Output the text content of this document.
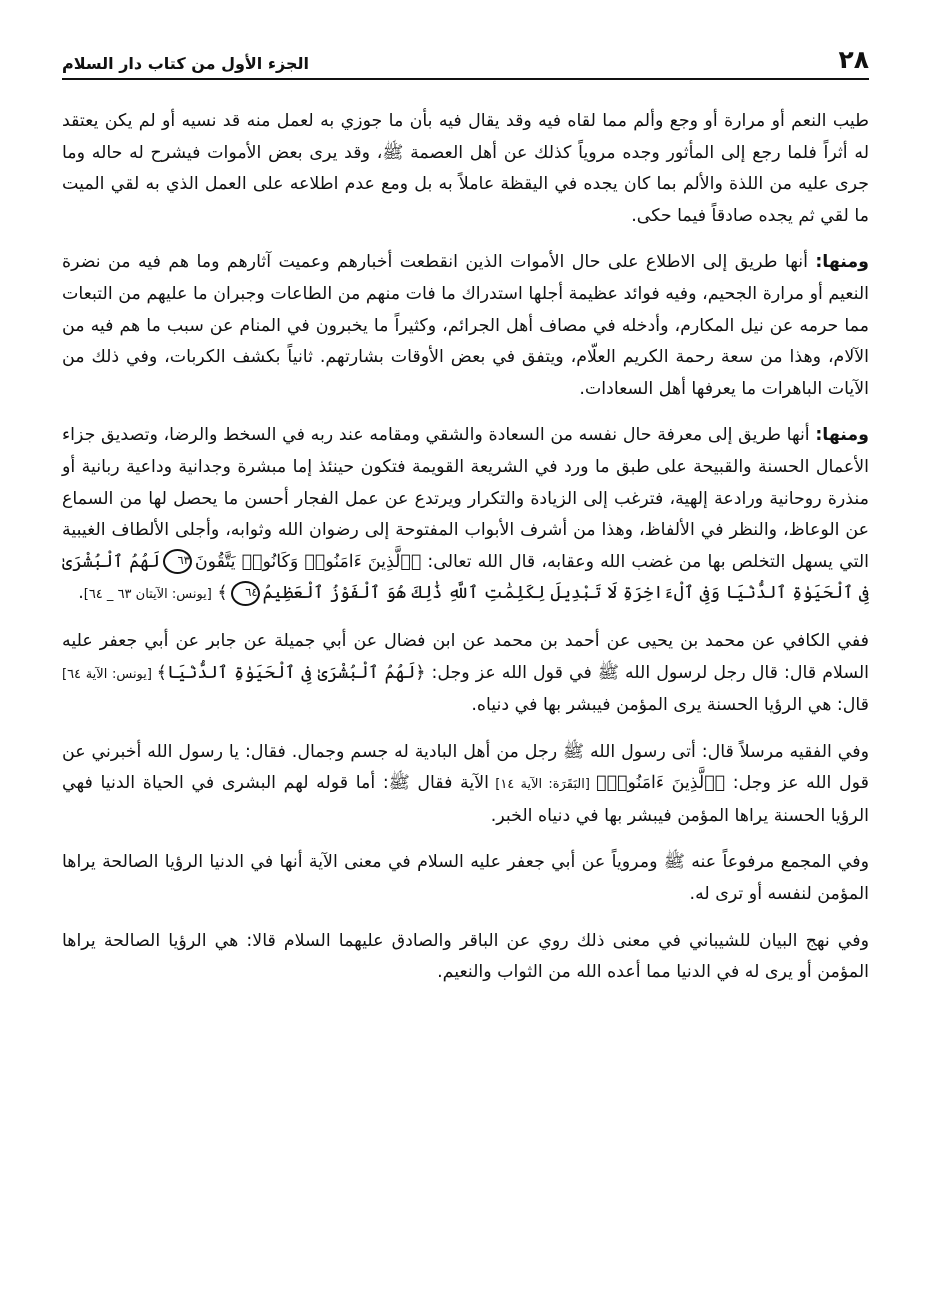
٢٨
الجزء الأول من كتاب دار السلام

طيب النعم أو مرارة أو وجع وألم مما لقاه فيه وقد يقال فيه بأن ما جوزي به لعمل منه قد نسيه أو لم يكن يعتقد له أثراً فلما رجع إلى المأثور وجده مروياً كذلك عن أهل العصمة ﷺ، وقد يرى بعض الأموات فيشرح له حاله وما جرى عليه من اللذة والألم بما كان يجده في اليقظة عاملاً به بل ومع عدم اطلاعه على العمل الذي به لقي الميت ما لقي ثم يجده صادقاً فيما حكى.

ومنها: أنها طريق إلى الاطلاع على حال الأموات الذين انقطعت أخبارهم وعميت آثارهم وما هم فيه من نضرة النعيم أو مرارة الجحيم، وفيه فوائد عظيمة أجلها استدراك ما فات منهم من الطاعات وجبران ما عليهم من التبعات مما حرمه عن نيل المكارم، وأدخله في مصاف أهل الجرائم، وكثيراً ما يخبرون في المنام عن سبب ما هم فيه من الآلام، وهذا من سعة رحمة الكريم العلّام، ويتفق في بعض الأوقات بشارتهم. ثانياً بكشف الكربات، وفي ذلك من الآيات الباهرات ما يعرفها أهل السعادات.

ومنها: أنها طريق إلى معرفة حال نفسه من السعادة والشقي ومقامه عند ربه في السخط والرضا، وتصديق جزاء الأعمال الحسنة والقبيحة على طبق ما ورد في الشريعة القويمة فتكون حينئذ إما مبشرة وجدانية وداعية ربانية أو منذرة روحانية ورادعة إلهية، فترغب إلى الزيادة والتكرار ويرتدع عن عمل الفجار أحسن ما يحصل لها من السماع عن الوعاظ، والنظر في الألفاظ، وهذا من أشرف الأبواب المفتوحة إلى رضوان الله وثوابه، وأجلى الألطاف الغيبية التي يسهل التخلص بها من غضب الله وعقابه، قال الله تعالى: ﴿ٱلَّذِينَ ءَامَنُوا۟ وَكَانُوا۟ يَتَّقُونَ٦٣لَهُمُ ٱلْبُشْرَىٰ فِى ٱلْحَيَوٰةِ ٱلدُّنْيَا وَفِى ٱلْءَاخِرَةِ لَا تَبْدِيلَ لِكَلِمَٰتِ ٱللَّهِ ذَٰلِكَ هُوَ ٱلْفَوْزُ ٱلْعَظِيمُ٦٤﴾ [يونس: الآيتان ٦٣ _ ٦٤].

ففي الكافي عن محمد بن يحيى عن أحمد بن محمد عن ابن فضال عن أبي جميلة عن جابر عن أبي جعفر عليه السلام قال: قال رجل لرسول الله ﷺ في قول الله عز وجل: ﴿لَهُمُ ٱلْبُشْرَىٰ فِى ٱلْحَيَوٰةِ ٱلدُّنْيَا﴾ [يونس: الآية ٦٤] قال: هي الرؤيا الحسنة يرى المؤمن فيبشر بها في دنياه.

وفي الفقيه مرسلاً قال: أتى رسول الله ﷺ رجل من أهل البادية له جسم وجمال. فقال: يا رسول الله أخبرني عن قول الله عز وجل: ﴿ٱلَّذِينَ ءَامَنُوا۟﴾ [البَقَرَة: الآية ١٤] الآية فقال ﷺ: أما قوله لهم البشرى في الحياة الدنيا فهي الرؤيا الحسنة يراها المؤمن فيبشر بها في دنياه الخبر.

وفي المجمع مرفوعاً عنه ﷺ ومروياً عن أبي جعفر عليه السلام في معنى الآية أنها في الدنيا الرؤيا الصالحة يراها المؤمن لنفسه أو ترى له.

وفي نهج البيان للشيباني في معنى ذلك روي عن الباقر والصادق عليهما السلام قالا: هي الرؤيا الصالحة يراها المؤمن أو يرى له في الدنيا مما أعده الله من الثواب والنعيم.
